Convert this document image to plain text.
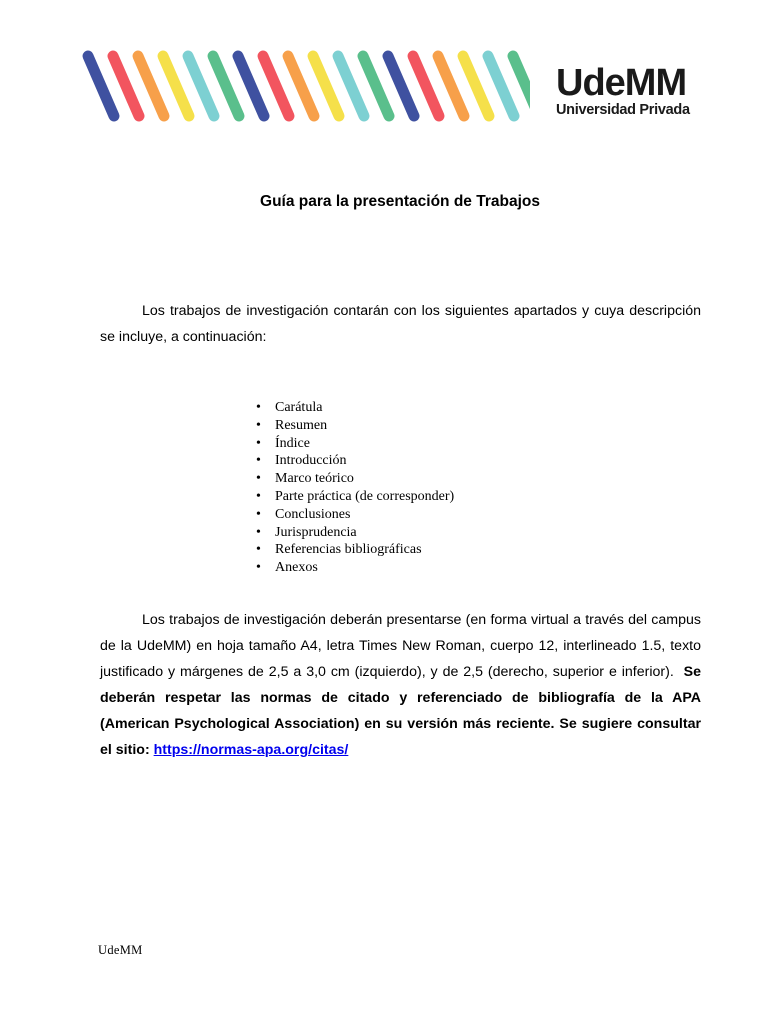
UdeMM
Universidad Privada
Guía para la presentación de Trabajos
Los trabajos de investigación contarán con los siguientes apartados y cuya descripción se incluye, a continuación:
• Carátula
• Resumen
• Índice
• Introducción
• Marco teórico
• Parte práctica (de corresponder)
• Conclusiones
• Jurisprudencia
• Referencias bibliográficas
• Anexos
Los trabajos de investigación deberán presentarse (en forma virtual a través del campus de la UdeMM) en hoja tamaño A4, letra Times New Roman, cuerpo 12, interlineado 1.5, texto justificado y márgenes de 2,5 a 3,0 cm (izquierdo), y de 2,5 (derecho, superior e inferior). Se deberán respetar las normas de citado y referenciado de bibliografía de la APA (American Psychological Association) en su versión más reciente. Se sugiere consultar el sitio: https://normas-apa.org/citas/
UdeMM
